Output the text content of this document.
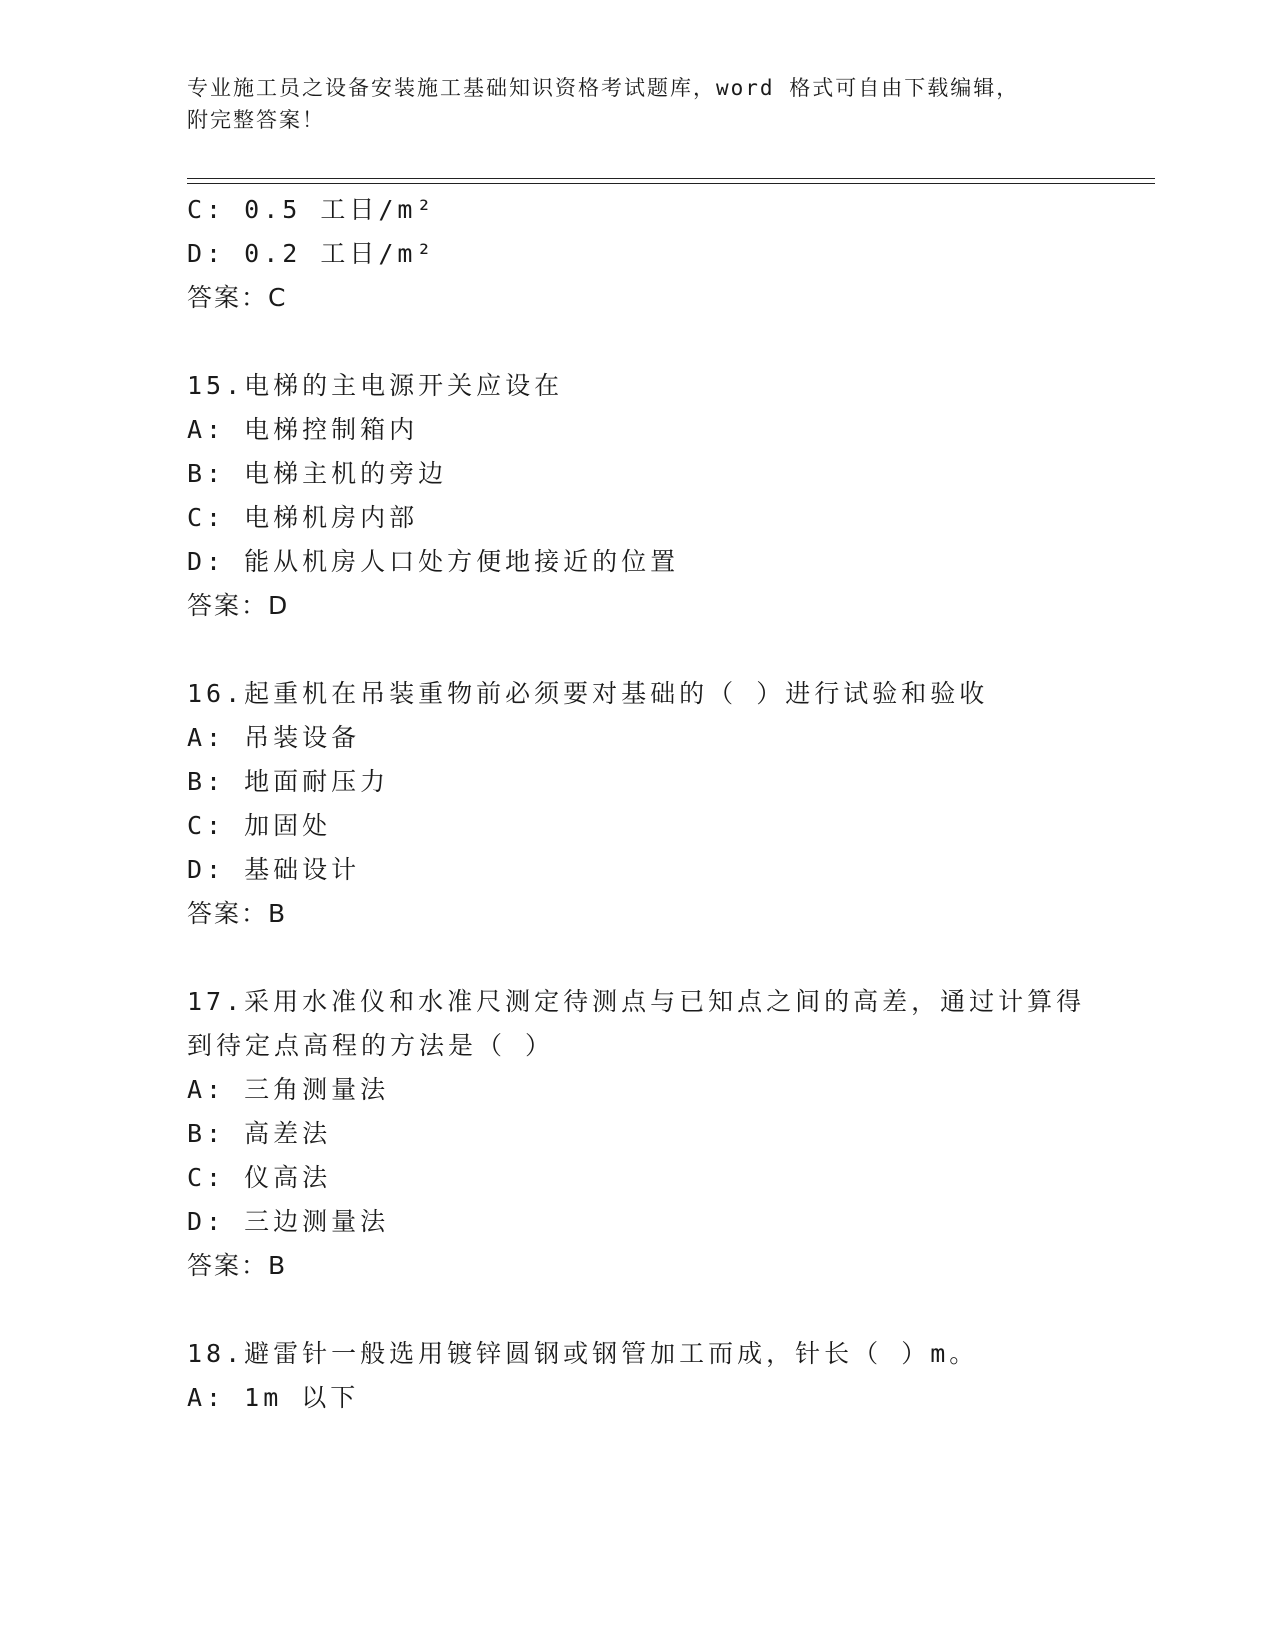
专业施工员之设备安装施工基础知识资格考试题库，word 格式可自由下载编辑，
附完整答案！
C: 0.5 工日/m²
D: 0.2 工日/m²
答案：C
15.电梯的主电源开关应设在
A: 电梯控制箱内
B: 电梯主机的旁边
C: 电梯机房内部
D: 能从机房人口处方便地接近的位置
答案：D
16.起重机在吊装重物前必须要对基础的（ ）进行试验和验收
A: 吊装设备
B: 地面耐压力
C: 加固处
D: 基础设计
答案：B
17.采用水准仪和水准尺测定待测点与已知点之间的高差，通过计算得
到待定点高程的方法是（ ）
A: 三角测量法
B: 高差法
C: 仪高法
D: 三边测量法
答案：B
18.避雷针一般选用镀锌圆钢或钢管加工而成，针长（ ）m。
A: 1m 以下
